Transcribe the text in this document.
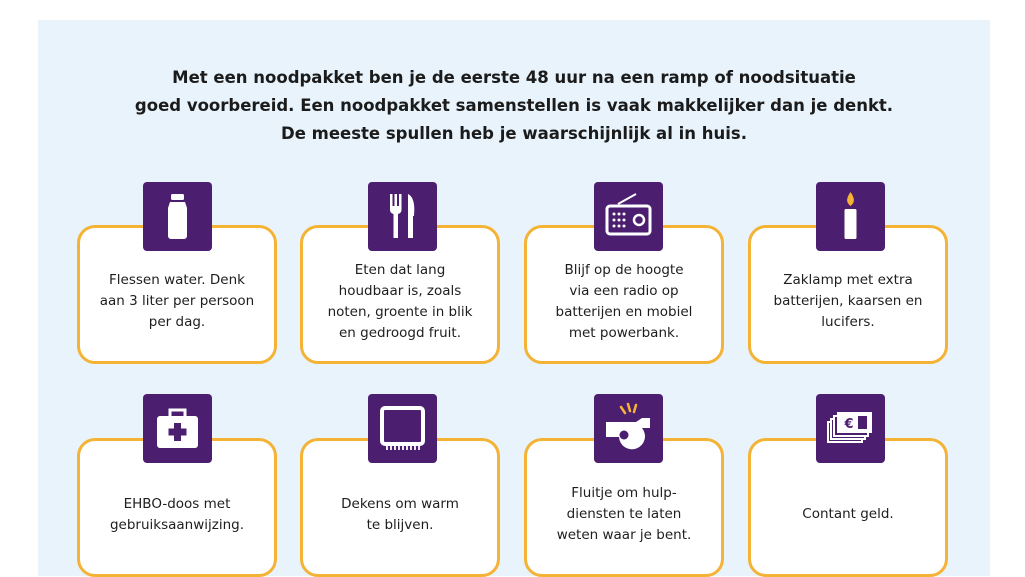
Met een noodpakket ben je de eerste 48 uur na een ramp of noodsituatie
goed voorbereid. Een noodpakket samenstellen is vaak makkelijker dan je denkt.
De meeste spullen heb je waarschijnlijk al in huis.
Flessen water. Denk
aan 3 liter per persoon
per dag.
Eten dat lang
houdbaar is, zoals
noten, groente in blik
en gedroogd fruit.
Blijf op de hoogte
via een radio op
batterijen en mobiel
met powerbank.
Zaklamp met extra
batterijen, kaarsen en
lucifers.
EHBO-doos met
gebruiksaanwijzing.
Dekens om warm
te blijven.
Fluitje om hulp-
diensten te laten
weten waar je bent.
Contant geld.
€
